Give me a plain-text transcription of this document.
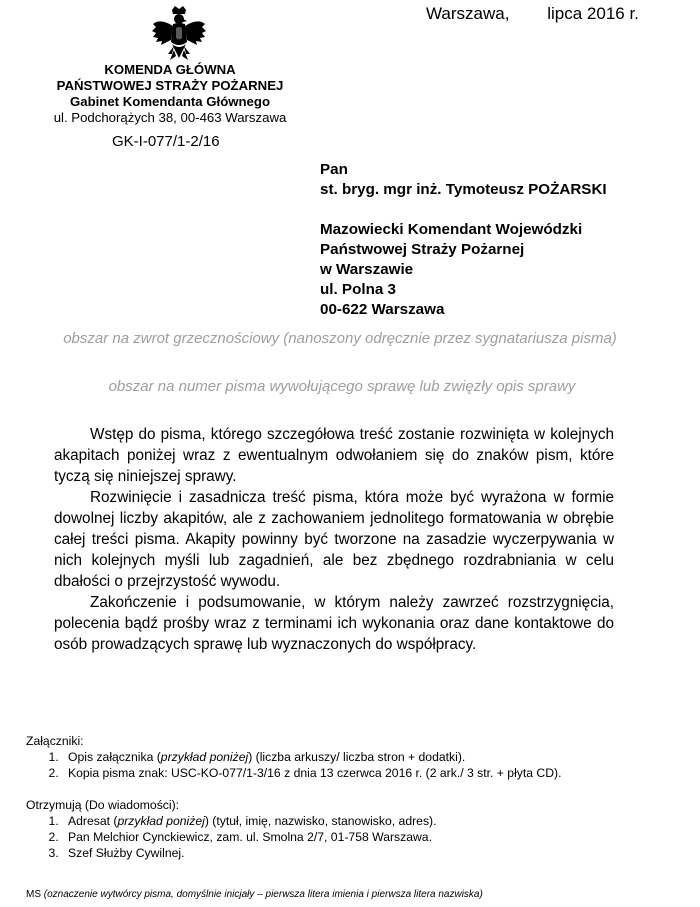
Warszawa,        lipca 2016 r.
KOMENDA GŁÓWNA
PAŃSTWOWEJ STRAŻY POŻARNEJ
Gabinet Komendanta Głównego
ul. Podchorążych 38, 00-463 Warszawa
GK-I-077/1-2/16
Pan
st. bryg. mgr inż. Tymoteusz POŻARSKI
Mazowiecki Komendant Wojewódzki
Państwowej Straży Pożarnej
w Warszawie
ul. Polna 3
00-622 Warszawa
obszar na zwrot grzecznościowy (nanoszony odręcznie przez sygnatariusza pisma)
obszar na numer pisma wywołującego sprawę lub zwięzły opis sprawy

Wstęp do pisma, którego szczegółowa treść zostanie rozwinięta w kolejnych akapitach poniżej wraz z ewentualnym odwołaniem się do znaków pism, które tyczą się niniejszej sprawy.

Rozwinięcie i zasadnicza treść pisma, która może być wyrażona w formie dowolnej liczby akapitów, ale z zachowaniem jednolitego formatowania w obrębie całej treści pisma. Akapity powinny być tworzone na zasadzie wyczerpywania w nich kolejnych myśli lub zagadnień, ale bez zbędnego rozdrabniania w celu dbałości o przejrzystość wywodu.

Zakończenie i podsumowanie, w którym należy zawrzeć rozstrzygnięcia, polecenia bądź prośby wraz z terminami ich wykonania oraz dane kontaktowe do osób prowadzących sprawę lub wyznaczonych do współpracy.

Załączniki:

1. Opis załącznika (przykład poniżej) (liczba arkuszy/ liczba stron + dodatki).
2. Kopia pisma znak: USC-KO-077/1-3/16 z dnia 13 czerwca 2016 r. (2 ark./ 3 str. + płyta CD).

Otrzymują (Do wiadomości):

1. Adresat (przykład poniżej) (tytuł, imię, nazwisko, stanowisko, adres).
2. Pan Melchior Cynckiewicz, zam. ul. Smolna 2/7, 01-758 Warszawa.
3. Szef Służby Cywilnej.
MS (oznaczenie wytwórcy pisma, domyślnie inicjały – pierwsza litera imienia i pierwsza litera nazwiska)
